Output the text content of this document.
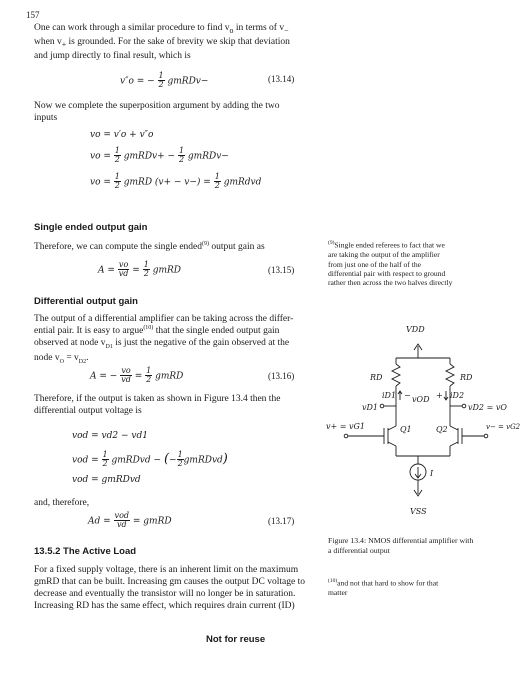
157
One can work through a similar procedure to find $v_o$ in terms of $v_-$
when $v_+$ is grounded. For the sake of brevity we skip that deviation
and jump directly to final result, which is
v″o = − $\frac{1}{2}$ gmRDv−	(13.14)
Now we complete the superposition argument by adding the two
inputs
vo = v′o + v″o
vo = $\frac{1}{2}$ gmRDv+ − $\frac{1}{2}$ gmRDv−
vo = $\frac{1}{2}$ gmRD $(v+ - v-) = \frac{1}{2}$ gmRdvd
Single ended output gain
Therefore, we can compute the single ended$^{(9)}$ output gain as
$A = \frac{vo}{vd} = \frac{1}{2}$ gmRD	(13.15)
$^{(9)}$Single ended referees to fact that we are taking the output of the amplifier from just one of the half of the differential pair with respect to ground rather then across the two halves directly
Differential output gain
The output of a differential amplifier can be taking across the differ-
ential pair. It is easy to argue$^{(10)}$ that the single ended output gain
observed at node $v_{D1}$ is just the negative of the gain observed at the
node $v_O = v_{D2}$.
A = − $\frac{vo}{vd} = \frac{1}{2}$ gmRD	(13.16)
Therefore, if the output is taken as shown in Figure 13.4 then the
differential output voltage is
vod = vd2 − vd1
vod = $\frac{1}{2}$ gmRDvd − (− $\frac{1}{2}$ gmRDvd)
vod = gmRDvd
and, therefore,
$Ad = \frac{\text{vod}}{vd}$ = gmRD	(13.17)
13.5.2 The Active Load
For a fixed supply voltage, there is an inherent limit on the maximum
gmRD that can be built. Increasing gm causes the output DC voltage to
decrease and eventually the transistor will no longer be in saturation.
Increasing RD has the same effect, which requires drain current (ID)
$^{(10)}$and not that hard to show for that matter
Figure 13.4: NMOS differential amplifier with a differential output
VDD
RD	RD
iD1	iD2
− vOD +
vD1	vD2 = vO
v+ = vG1	v− = vG2
Q1	Q2
I
VSS
Not for reuse
